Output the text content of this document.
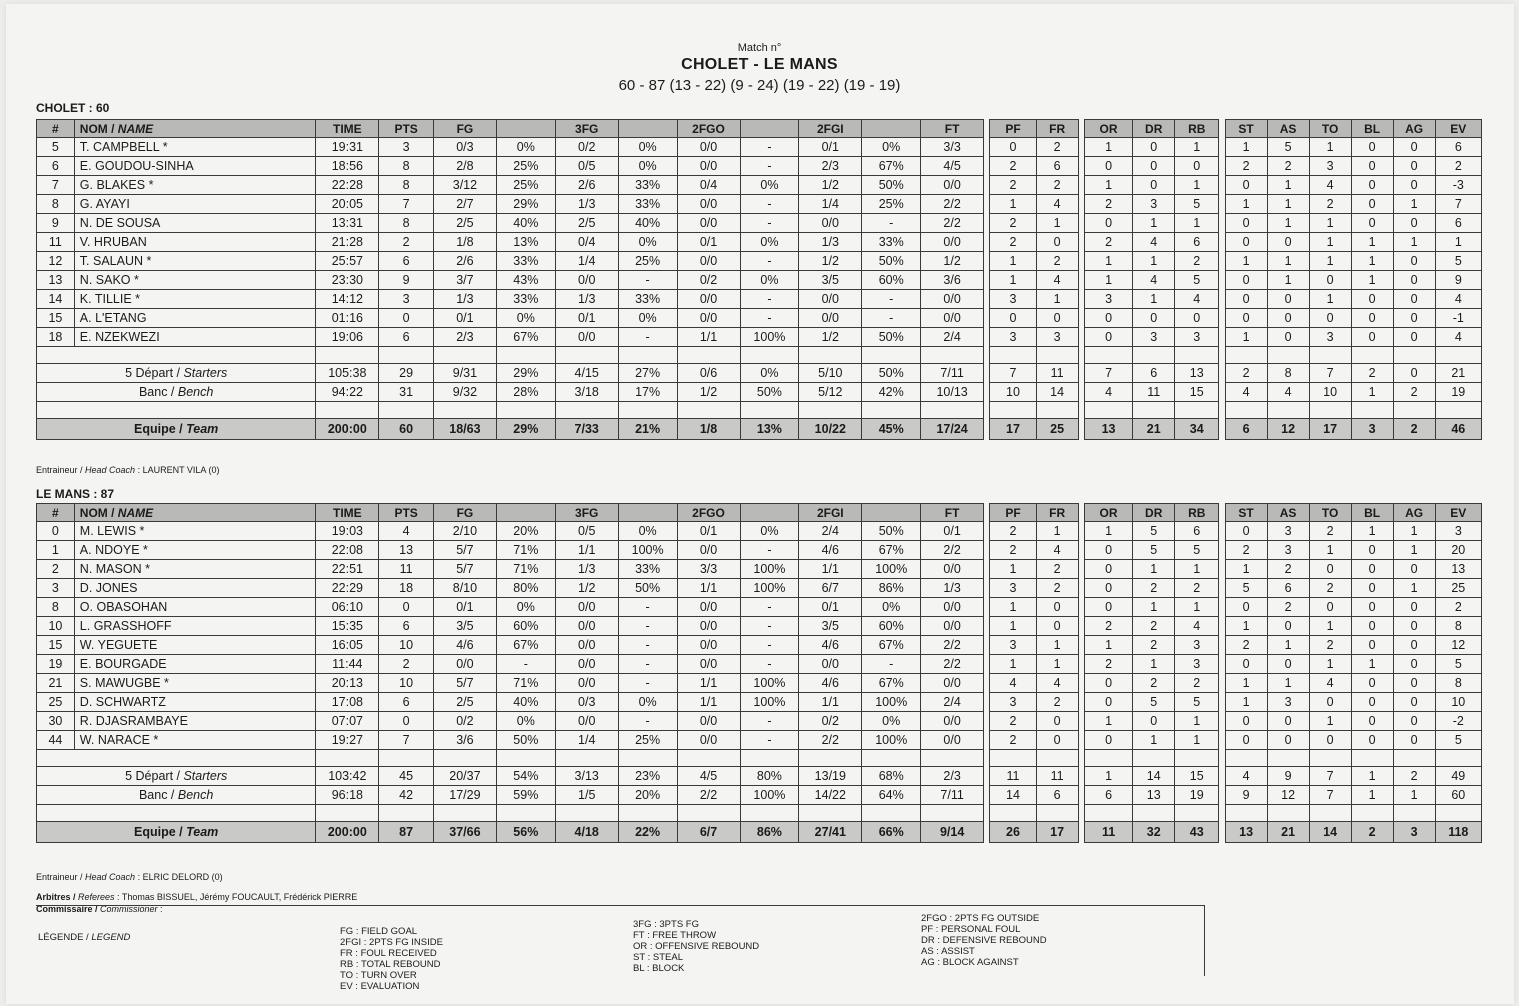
Match n°
CHOLET - LE MANS
60 - 87 (13 - 22) (9 - 24) (19 - 22) (19 - 19)
CHOLET : 60
#	NOM / NAME	TIME	PTS	FG		3FG		2FGO		2FGI		FT		PF	FR		OR	DR	RB		ST	AS	TO	BL	AG	EV
5	T. CAMPBELL *	19:31	3	0/3	0%	0/2	0%	0/0	-	0/1	0%	3/3		0	2		1	0	1		1	5	1	0	0	6
6	E. GOUDOU-SINHA	18:56	8	2/8	25%	0/5	0%	0/0	-	2/3	67%	4/5		2	6		0	0	0		2	2	3	0	0	2
7	G. BLAKES *	22:28	8	3/12	25%	2/6	33%	0/4	0%	1/2	50%	0/0		2	2		1	0	1		0	1	4	0	0	-3
8	G. AYAYI	20:05	7	2/7	29%	1/3	33%	0/0	-	1/4	25%	2/2		1	4		2	3	5		1	1	2	0	1	7
9	N. DE SOUSA	13:31	8	2/5	40%	2/5	40%	0/0	-	0/0	-	2/2		2	1		0	1	1		0	1	1	0	0	6
11	V. HRUBAN	21:28	2	1/8	13%	0/4	0%	0/1	0%	1/3	33%	0/0		2	0		2	4	6		0	0	1	1	1	1
12	T. SALAUN *	25:57	6	2/6	33%	1/4	25%	0/0	-	1/2	50%	1/2		1	2		1	1	2		1	1	1	1	0	5
13	N. SAKO *	23:30	9	3/7	43%	0/0	-	0/2	0%	3/5	60%	3/6		1	4		1	4	5		0	1	0	1	0	9
14	K. TILLIE *	14:12	3	1/3	33%	1/3	33%	0/0	-	0/0	-	0/0		3	1		3	1	4		0	0	1	0	0	4
15	A. L'ETANG	01:16	0	0/1	0%	0/1	0%	0/0	-	0/0	-	0/0		0	0		0	0	0		0	0	0	0	0	-1
18	E. NZEKWEZI	19:06	6	2/3	67%	0/0	-	1/1	100%	1/2	50%	2/4		3	3		0	3	3		1	0	3	0	0	4

5 Départ / Starters		105:38	29	9/31	29%	4/15	27%	0/6	0%	5/10	50%	7/11		7	11		7	6	13		2	8	7	2	0	21
Banc / Bench		94:22	31	9/32	28%	3/18	17%	1/2	50%	5/12	42%	10/13		10	14		4	11	15		4	4	10	1	2	19

Equipe / Team		200:00	60	18/63	29%	7/33	21%	1/8	13%	10/22	45%	17/24		17	25		13	21	34		6	12	17	3	2	46
Entraineur / Head Coach : LAURENT VILA (0)
LE MANS : 87
#	NOM / NAME	TIME	PTS	FG		3FG		2FGO		2FGI		FT		PF	FR		OR	DR	RB		ST	AS	TO	BL	AG	EV
0	M. LEWIS *	19:03	4	2/10	20%	0/5	0%	0/1	0%	2/4	50%	0/1		2	1		1	5	6		0	3	2	1	1	3
1	A. NDOYE *	22:08	13	5/7	71%	1/1	100%	0/0	-	4/6	67%	2/2		2	4		0	5	5		2	3	1	0	1	20
2	N. MASON *	22:51	11	5/7	71%	1/3	33%	3/3	100%	1/1	100%	0/0		1	2		0	1	1		1	2	0	0	0	13
3	D. JONES	22:29	18	8/10	80%	1/2	50%	1/1	100%	6/7	86%	1/3		3	2		0	2	2		5	6	2	0	1	25
8	O. OBASOHAN	06:10	0	0/1	0%	0/0	-	0/0	-	0/1	0%	0/0		1	0		0	1	1		0	2	0	0	0	2
10	L. GRASSHOFF	15:35	6	3/5	60%	0/0	-	0/0	-	3/5	60%	0/0		1	0		2	2	4		1	0	1	0	0	8
15	W. YEGUETE	16:05	10	4/6	67%	0/0	-	0/0	-	4/6	67%	2/2		3	1		1	2	3		2	1	2	0	0	12
19	E. BOURGADE	11:44	2	0/0	-	0/0	-	0/0	-	0/0	-	2/2		1	1		2	1	3		0	0	1	1	0	5
21	S. MAWUGBE *	20:13	10	5/7	71%	0/0	-	1/1	100%	4/6	67%	0/0		4	4		0	2	2		1	1	4	0	0	8
25	D. SCHWARTZ	17:08	6	2/5	40%	0/3	0%	1/1	100%	1/1	100%	2/4		3	2		0	5	5		1	3	0	0	0	10
30	R. DJASRAMBAYE	07:07	0	0/2	0%	0/0	-	0/0	-	0/2	0%	0/0		2	0		1	0	1		0	0	1	0	0	-2
44	W. NARACE *	19:27	7	3/6	50%	1/4	25%	0/0	-	2/2	100%	0/0		2	0		0	1	1		0	0	0	0	0	5

5 Départ / Starters		103:42	45	20/37	54%	3/13	23%	4/5	80%	13/19	68%	2/3		11	11		1	14	15		4	9	7	1	2	49
Banc / Bench		96:18	42	17/29	59%	1/5	20%	2/2	100%	14/22	64%	7/11		14	6		6	13	19		9	12	7	1	1	60

Equipe / Team		200:00	87	37/66	56%	4/18	22%	6/7	86%	27/41	66%	9/14		26	17		11	32	43		13	21	14	2	3	118
Entraineur / Head Coach : ELRIC DELORD (0)
Arbitres / Referees : Thomas BISSUEL, Jérémy FOUCAULT, Frédérick PIERRE
Commissaire / Commissioner :
LÉGENDE / LEGEND
FG : FIELD GOAL
2FGI : 2PTS FG INSIDE
FR : FOUL RECEIVED
RB : TOTAL REBOUND
TO : TURN OVER
EV : EVALUATION
3FG : 3PTS FG
FT : FREE THROW
OR : OFFENSIVE REBOUND
ST : STEAL
BL : BLOCK
2FGO : 2PTS FG OUTSIDE
PF : PERSONAL FOUL
DR : DEFENSIVE REBOUND
AS : ASSIST
AG : BLOCK AGAINST
